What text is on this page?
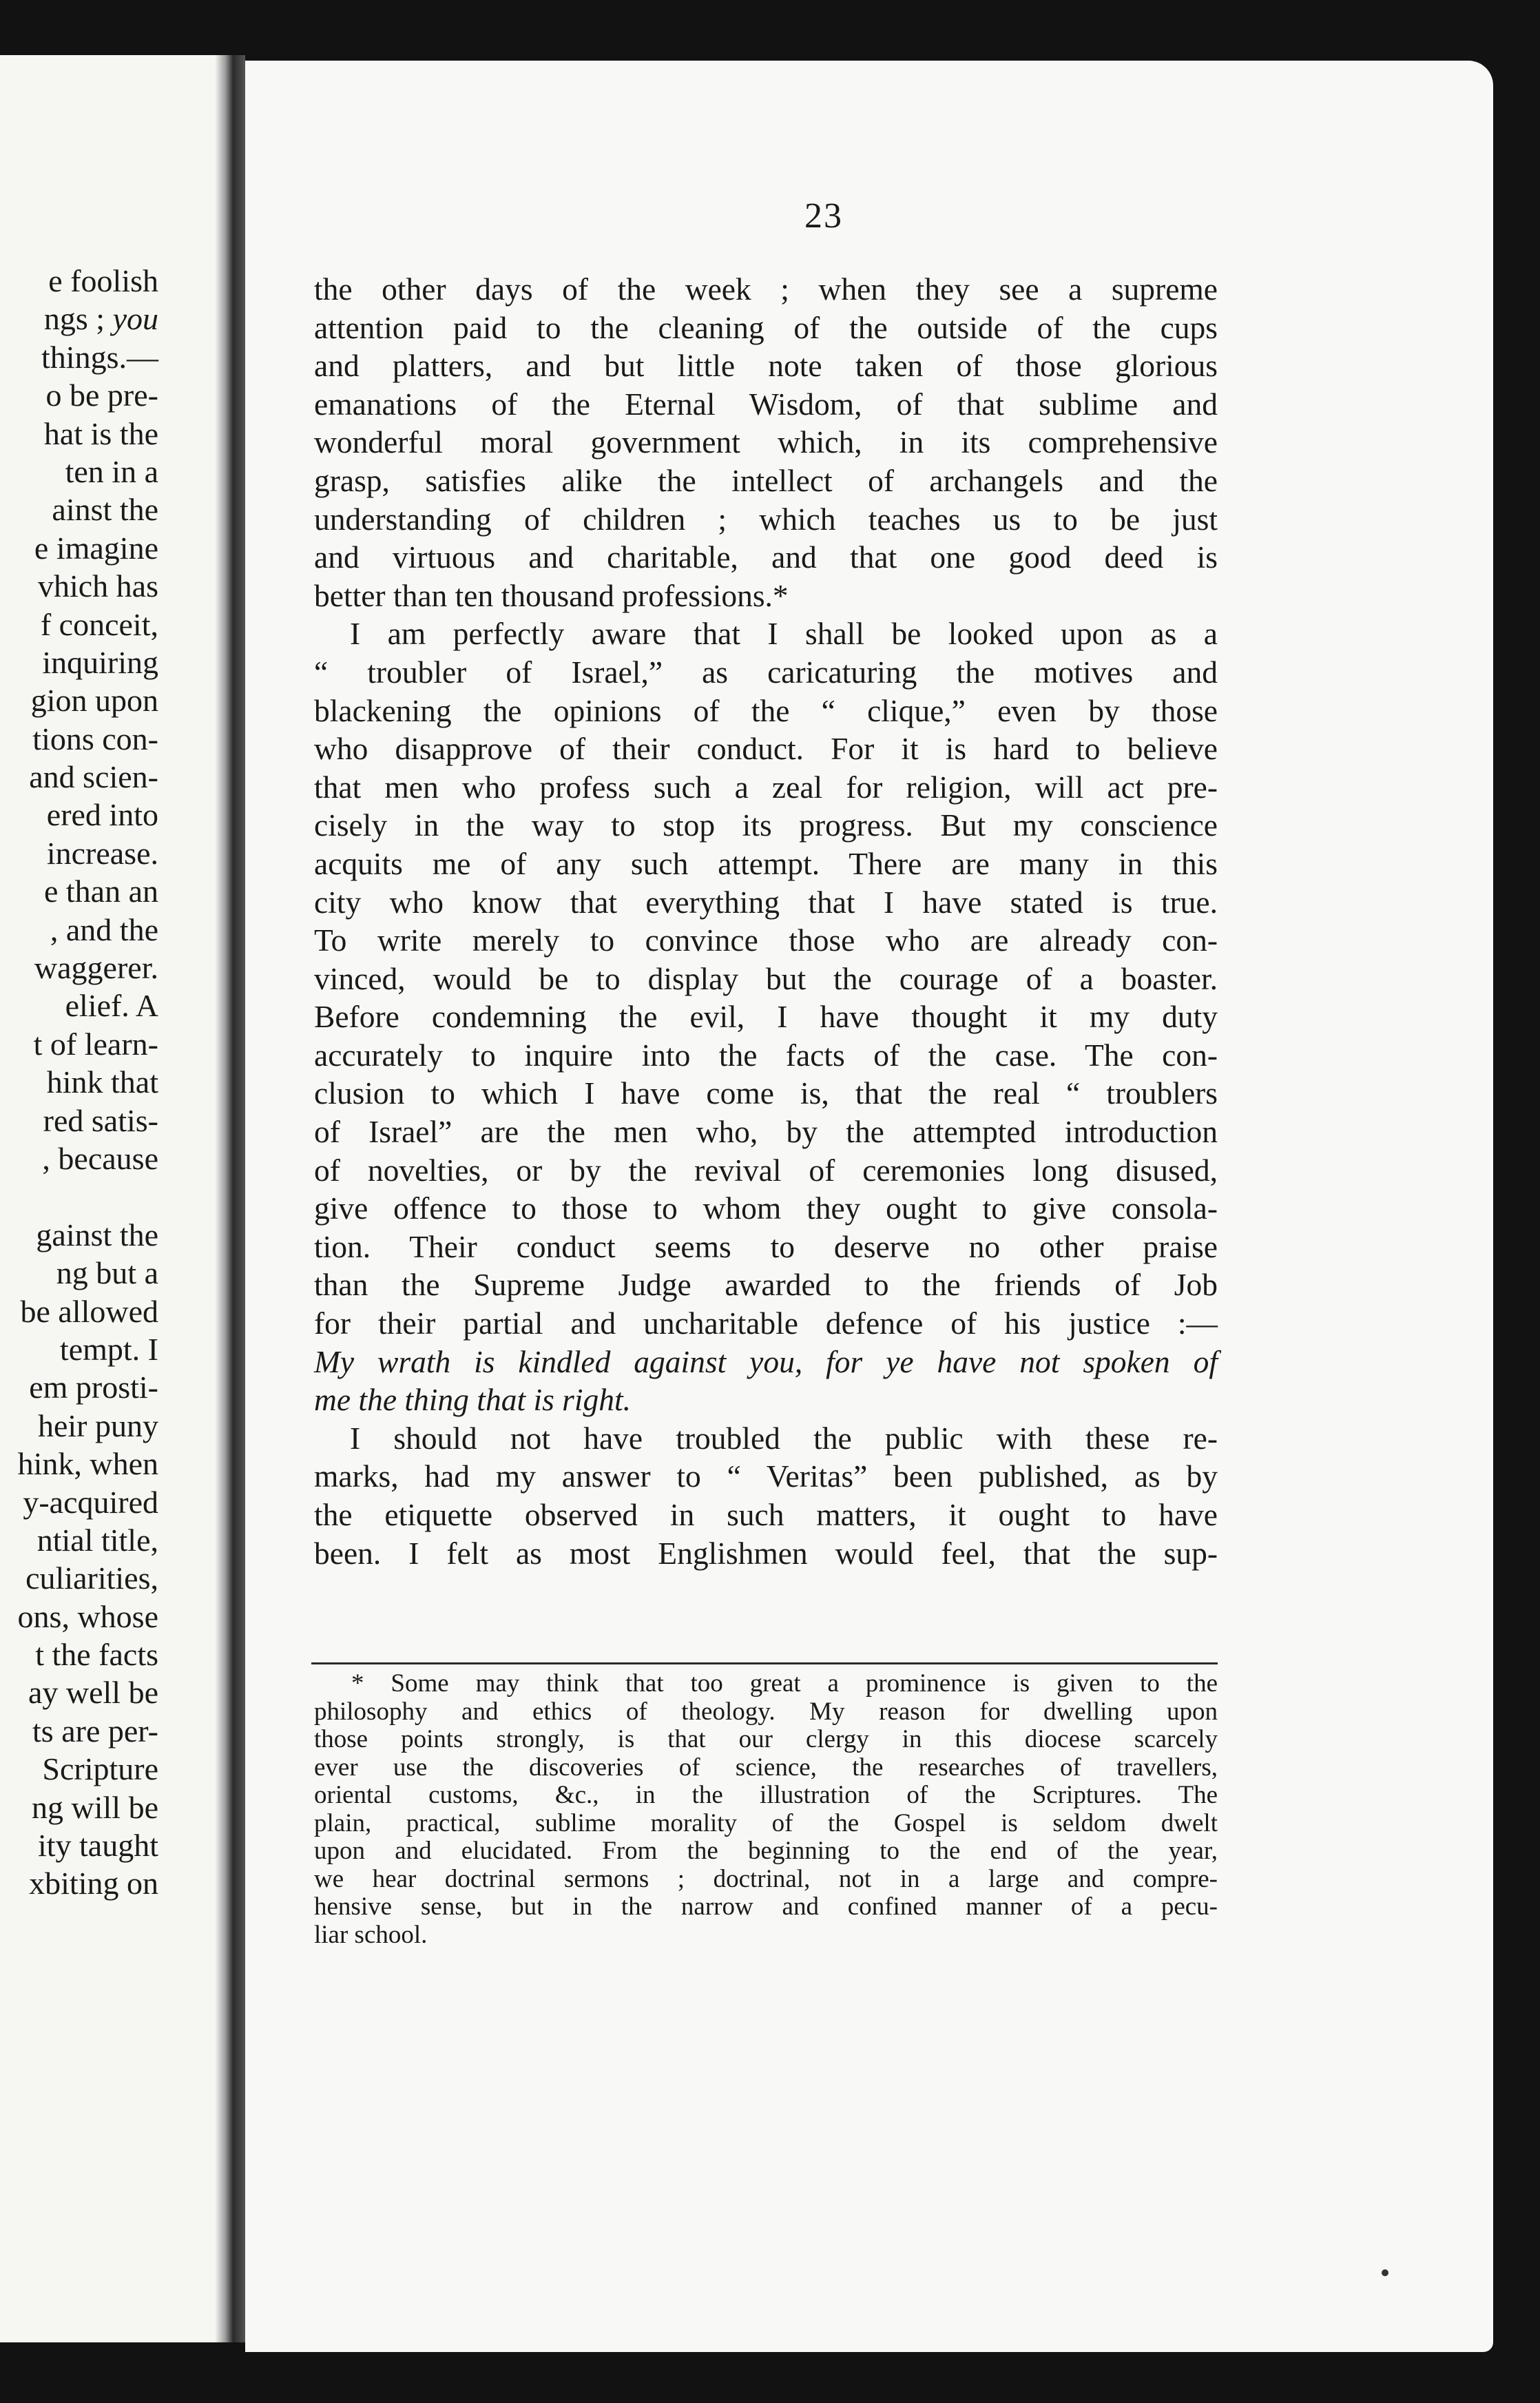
e foolish
ngs ; you
things.—
o be pre-
hat is the
ten in a
ainst the
e imagine
vhich has
f conceit,
inquiring
gion upon
tions con-
and scien-
ered into
increase.
e than an
, and the
waggerer.
elief. A
t of learn-
hink that
red satis-
, because
gainst the
ng but a
be allowed
tempt. I
em prosti-
heir puny
hink, when
y-acquired
ntial title,
culiarities,
ons, whose
t the facts
ay well be
ts are per-
Scripture
ng will be
ity taught
xbiting on
23
the other days of the week ; when they see a supreme
attention paid to the cleaning of the outside of the cups
and platters, and but little note taken of those glorious
emanations of the Eternal Wisdom, of that sublime and
wonderful moral government which, in its comprehensive
grasp, satisfies alike the intellect of archangels and the
understanding of children ; which teaches us to be just
and virtuous and charitable, and that one good deed is
better than ten thousand professions.*
I am perfectly aware that I shall be looked upon as a
“ troubler of Israel,” as caricaturing the motives and
blackening the opinions of the “ clique,” even by those
who disapprove of their conduct. For it is hard to believe
that men who profess such a zeal for religion, will act pre-
cisely in the way to stop its progress. But my conscience
acquits me of any such attempt. There are many in this
city who know that everything that I have stated is true.
To write merely to convince those who are already con-
vinced, would be to display but the courage of a boaster.
Before condemning the evil, I have thought it my duty
accurately to inquire into the facts of the case. The con-
clusion to which I have come is, that the real “ troublers
of Israel” are the men who, by the attempted introduction
of novelties, or by the revival of ceremonies long disused,
give offence to those to whom they ought to give consola-
tion. Their conduct seems to deserve no other praise
than the Supreme Judge awarded to the friends of Job
for their partial and uncharitable defence of his justice :—
My wrath is kindled against you, for ye have not spoken of
me the thing that is right.
I should not have troubled the public with these re-
marks, had my answer to “ Veritas” been published, as by
the etiquette observed in such matters, it ought to have
been. I felt as most Englishmen would feel, that the sup-
* Some may think that too great a prominence is given to the
philosophy and ethics of theology. My reason for dwelling upon
those points strongly, is that our clergy in this diocese scarcely
ever use the discoveries of science, the researches of travellers,
oriental customs, &c., in the illustration of the Scriptures. The
plain, practical, sublime morality of the Gospel is seldom dwelt
upon and elucidated. From the beginning to the end of the year,
we hear doctrinal sermons ; doctrinal, not in a large and compre-
hensive sense, but in the narrow and confined manner of a pecu-
liar school.
